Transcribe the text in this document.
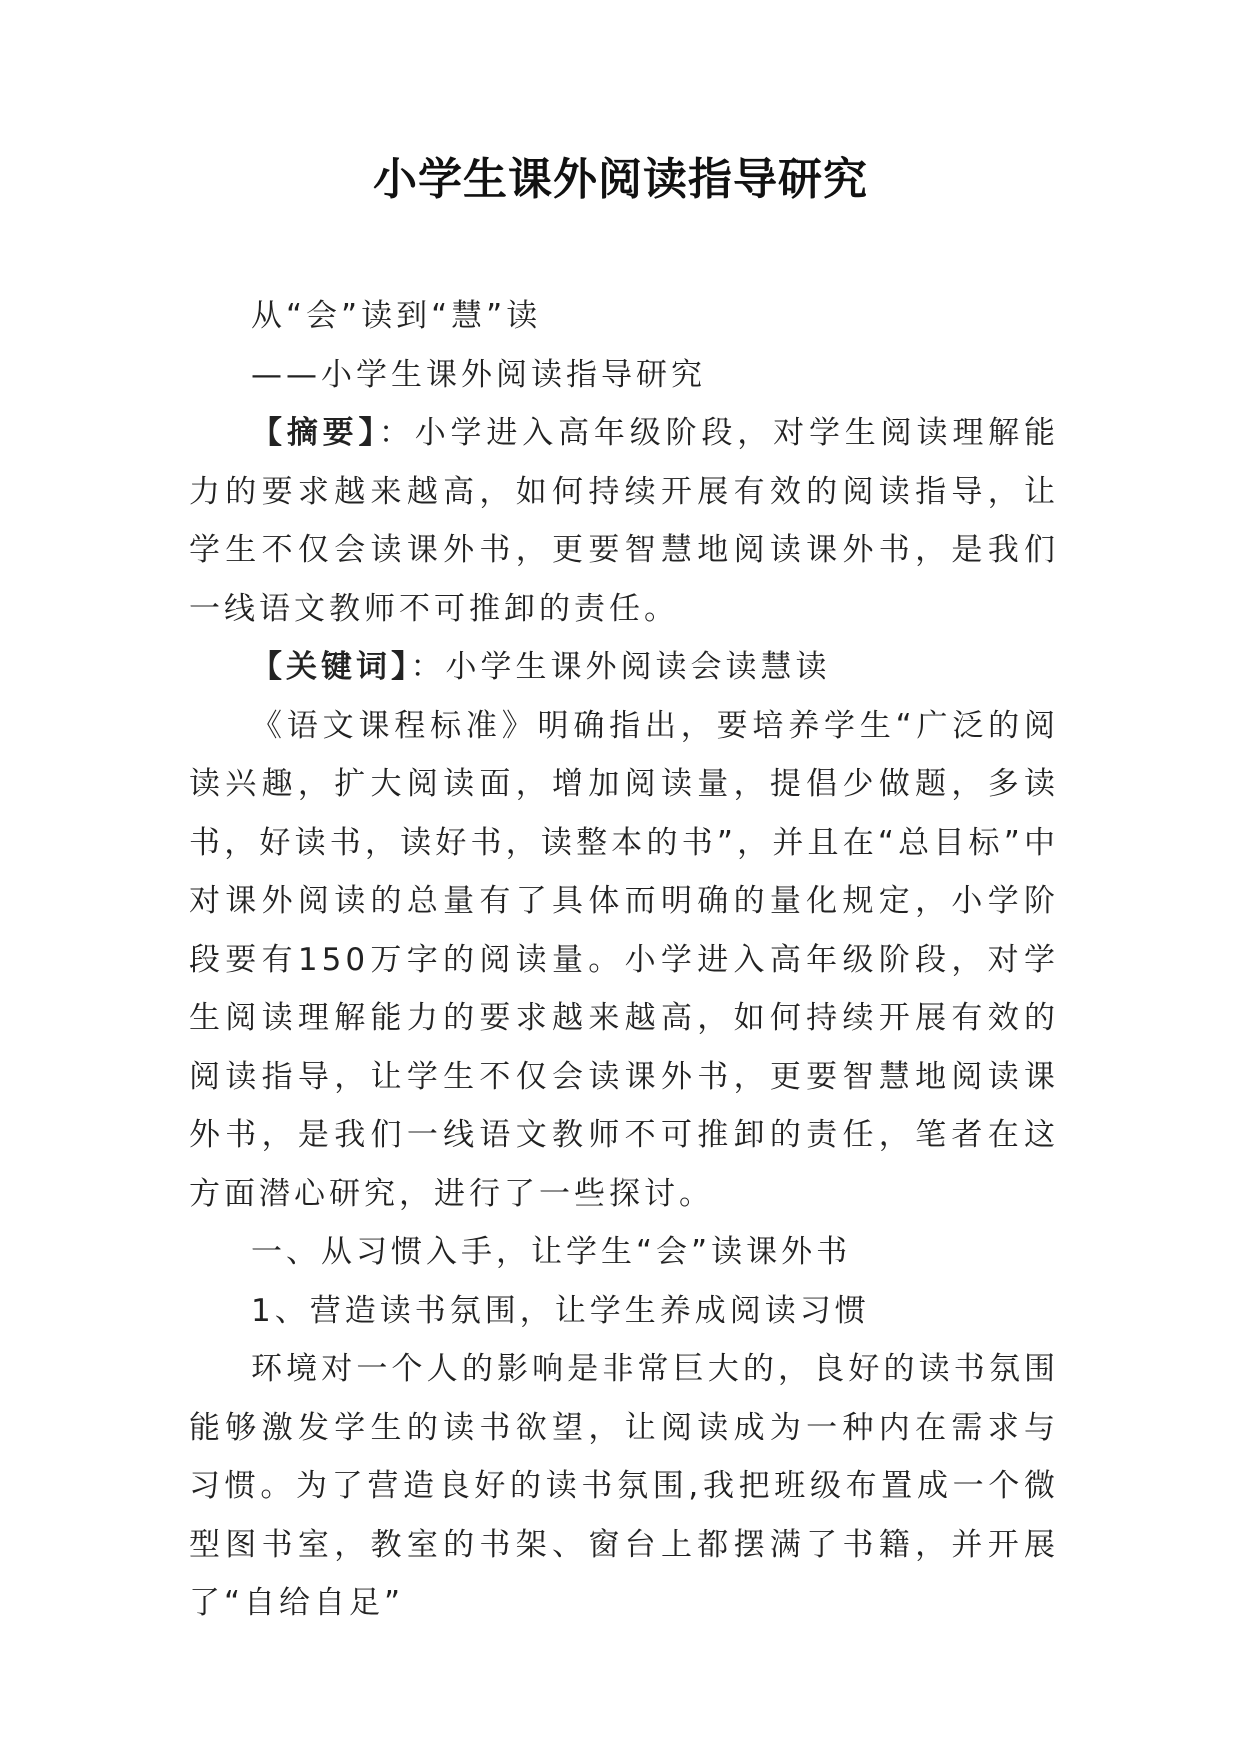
小学生课外阅读指导研究

从“会”读到“慧”读

——小学生课外阅读指导研究

【摘要】：小学进入高年级阶段，对学生阅读理解能力的要求越来越高，如何持续开展有效的阅读指导，让学生不仅会读课外书，更要智慧地阅读课外书，是我们一线语文教师不可推卸的责任。

【关键词】：小学生课外阅读会读慧读

《语文课程标准》明确指出，要培养学生“广泛的阅读兴趣，扩大阅读面，增加阅读量，提倡少做题，多读书，好读书，读好书，读整本的书”，并且在“总目标”中对课外阅读的总量有了具体而明确的量化规定，小学阶段要有150万字的阅读量。小学进入高年级阶段，对学生阅读理解能力的要求越来越高，如何持续开展有效的阅读指导，让学生不仅会读课外书，更要智慧地阅读课外书，是我们一线语文教师不可推卸的责任，笔者在这方面潜心研究，进行了一些探讨。

一、从习惯入手，让学生“会”读课外书

1、营造读书氛围，让学生养成阅读习惯

环境对一个人的影响是非常巨大的，良好的读书氛围能够激发学生的读书欲望，让阅读成为一种内在需求与习惯。为了营造良好的读书氛围,我把班级布置成一个微型图书室，教室的书架、窗台上都摆满了书籍，并开展了“自给自足”
